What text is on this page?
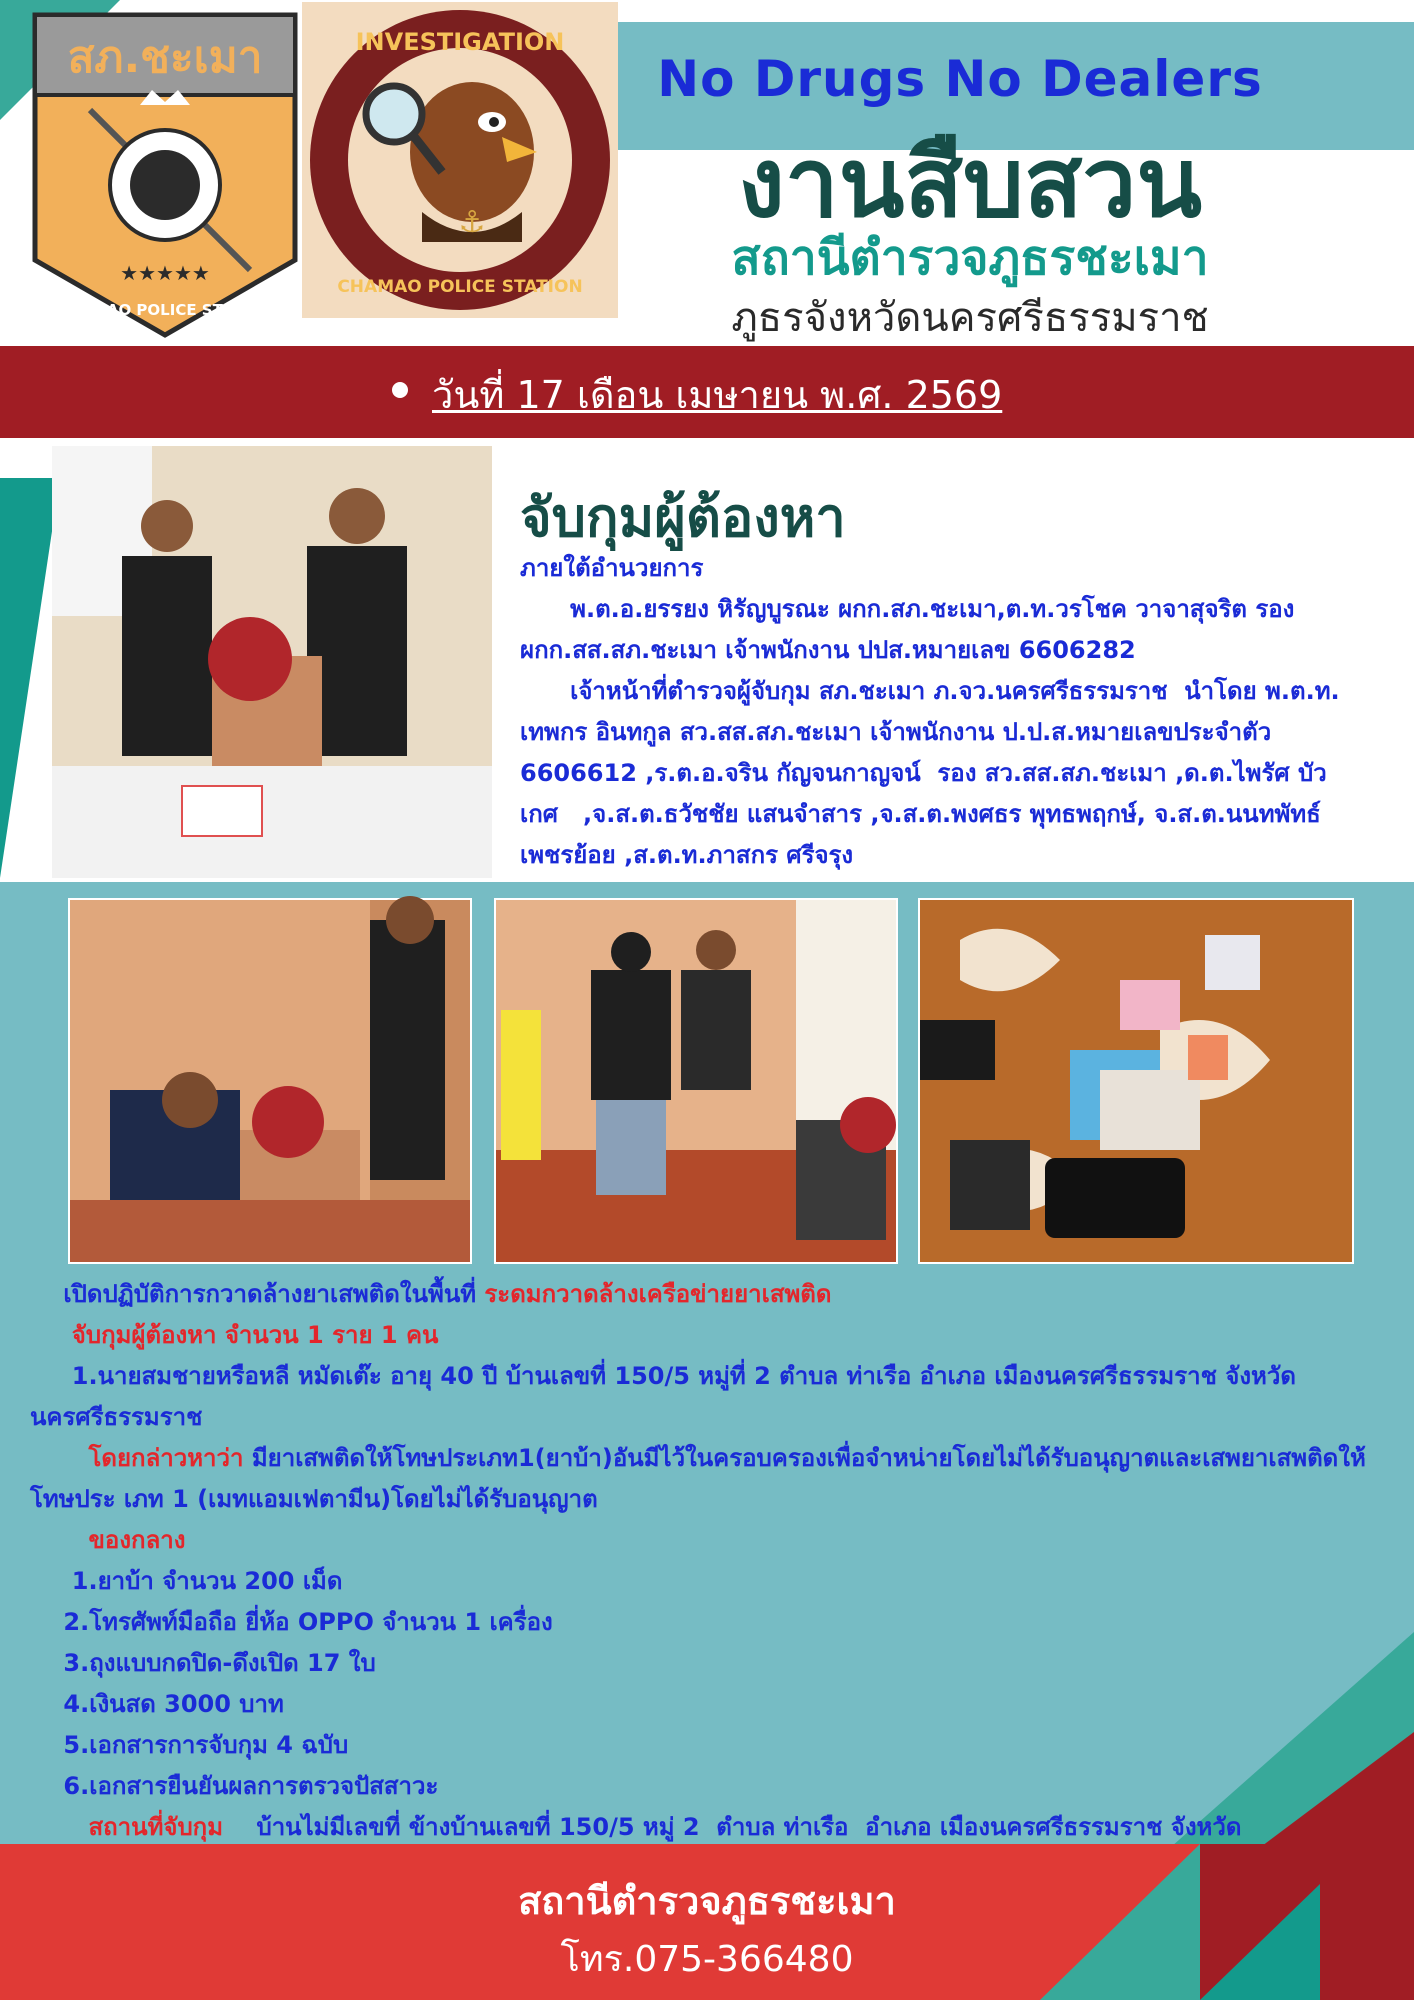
สภ.ชะเมา
★★★★★
CHAMAO POLICE STATION
INVESTIGATION
CHAMAO POLICE STATION
⚓
No Drugs No Dealers
งานสืบสวน
สถานีตำรวจภูธรชะเมา
ภูธรจังหวัดนครศรีธรรมราช
วันที่ 17 เดือน เมษายน พ.ศ. 2569
จับกุมผู้ต้องหา

ภายใต้อำนวยการ

พ.ต.อ.ยรรยง หิรัญบูรณะ ผกก.สภ.ชะเมา,ต.ท.วรโชค วาจาสุจริต รอง ผกก.สส.สภ.ชะเมา เจ้าพนักงาน ปปส.หมายเลข 6606282

เจ้าหน้าที่ตำรวจผู้จับกุม สภ.ชะเมา ภ.จว.นครศรีธรรมราช  นำโดย พ.ต.ท. เทพกร อินทกูล สว.สส.สภ.ชะเมา เจ้าพนักงาน ป.ป.ส.หมายเลขประจำตัว 6606612 ,ร.ต.อ.จริน กัญจนกาญจน์  รอง สว.สส.สภ.ชะเมา ,ด.ต.ไพรัศ บัวเกศ   ,จ.ส.ต.ธวัชชัย แสนจำสาร ,จ.ส.ต.พงศธร พุทธพฤกษ์, จ.ส.ต.นนทพัทธ์ เพชรย้อย ,ส.ต.ท.ภาสกร ศรีจรุง

เปิดปฏิบัติการกวาดล้างยาเสพติดในพื้นที่ ระดมกวาดล้างเครือข่ายยาเสพติด

จับกุมผู้ต้องหา จำนวน 1 ราย 1 คน

1.นายสมชายหรือหลี หมัดเต๊ะ อายุ 40 ปี บ้านเลขที่ 150/5 หมู่ที่ 2 ตำบล ท่าเรือ อำเภอ เมืองนครศรีธรรมราช จังหวัด นครศรีธรรมราช

โดยกล่าวหาว่า มียาเสพติดให้โทษประเภท1(ยาบ้า)อันมีไว้ในครอบครองเพื่อจำหน่ายโดยไม่ได้รับอนุญาตและเสพยาเสพติดให้โทษประ เภท 1 (เมทแอมเฟตามีน)โดยไม่ได้รับอนุญาต

ของกลาง

1.ยาบ้า จำนวน 200 เม็ด

2.โทรศัพท์มือถือ ยี่ห้อ OPPO จำนวน 1 เครื่อง

3.ถุงแบบกดปิด-ดึงเปิด 17 ใบ

4.เงินสด 3000 บาท

5.เอกสารการจับกุม 4 ฉบับ

6.เอกสารยืนยันผลการตรวจปัสสาวะ

สถานที่จับกุม    บ้านไม่มีเลขที่ ข้างบ้านเลขที่ 150/5 หมู่ 2  ตำบล ท่าเรือ  อำเภอ เมืองนครศรีธรรมราช จังหวัด

สถานีตำรวจภูธรชะเมา
โทร.075-366480
